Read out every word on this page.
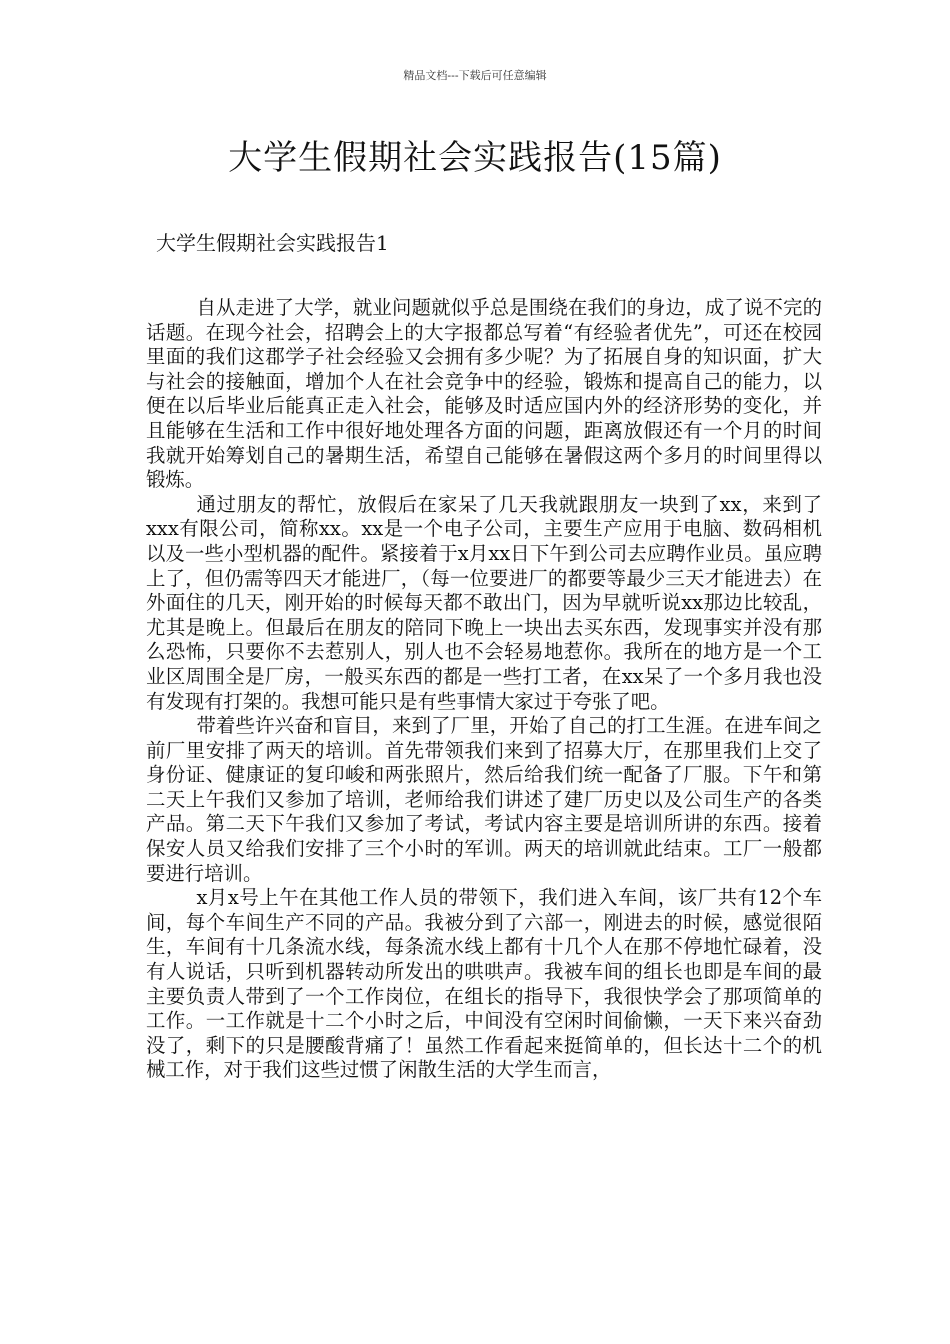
精品文档---下载后可任意编辑
大学生假期社会实践报告(15篇)
大学生假期社会实践报告1

自从走进了大学，就业问题就似乎总是围绕在我们的身边，成了说不完的话题。在现今社会，招聘会上的大字报都总写着“有经验者优先”，可还在校园里面的我们这郡学子社会经验又会拥有多少呢？为了拓展自身的知识面，扩大与社会的接触面，增加个人在社会竞争中的经验，锻炼和提高自己的能力，以便在以后毕业后能真正走入社会，能够及时适应国内外的经济形势的变化，并且能够在生活和工作中很好地处理各方面的问题，距离放假还有一个月的时间我就开始筹划自己的暑期生活，希望自己能够在暑假这两个多月的时间里得以锻炼。

通过朋友的帮忙，放假后在家呆了几天我就跟朋友一块到了xx，来到了xxx有限公司，简称xx。xx是一个电子公司，主要生产应用于电脑、数码相机以及一些小型机器的配件。紧接着于x月xx日下午到公司去应聘作业员。虽应聘上了，但仍需等四天才能进厂，（每一位要进厂的都要等最少三天才能进去）在外面住的几天，刚开始的时候每天都不敢出门，因为早就听说xx那边比较乱，尤其是晚上。但最后在朋友的陪同下晚上一块出去买东西，发现事实并没有那么恐怖，只要你不去惹别人，别人也不会轻易地惹你。我所在的地方是一个工业区周围全是厂房，一般买东西的都是一些打工者，在xx呆了一个多月我也没有发现有打架的。我想可能只是有些事情大家过于夸张了吧。

带着些许兴奋和盲目，来到了厂里，开始了自己的打工生涯。在进车间之前厂里安排了两天的培训。首先带领我们来到了招募大厅，在那里我们上交了身份证、健康证的复印峻和两张照片，然后给我们统一配备了厂服。下午和第二天上午我们又参加了培训，老师给我们讲述了建厂历史以及公司生产的各类产品。第二天下午我们又参加了考试，考试内容主要是培训所讲的东西。接着保安人员又给我们安排了三个小时的军训。两天的培训就此结束。工厂一般都要进行培训。

x月x号上午在其他工作人员的带领下，我们进入车间，该厂共有12个车间，每个车间生产不同的产品。我被分到了六部一，刚进去的时候，感觉很陌生，车间有十几条流水线，每条流水线上都有十几个人在那不停地忙碌着，没有人说话，只听到机器转动所发出的哄哄声。我被车间的组长也即是车间的最主要负责人带到了一个工作岗位，在组长的指导下，我很快学会了那项简单的工作。一工作就是十二个小时之后，中间没有空闲时间偷懒，一天下来兴奋劲没了，剩下的只是腰酸背痛了！虽然工作看起来挺简单的，但长达十二个的机械工作，对于我们这些过惯了闲散生活的大学生而言，
